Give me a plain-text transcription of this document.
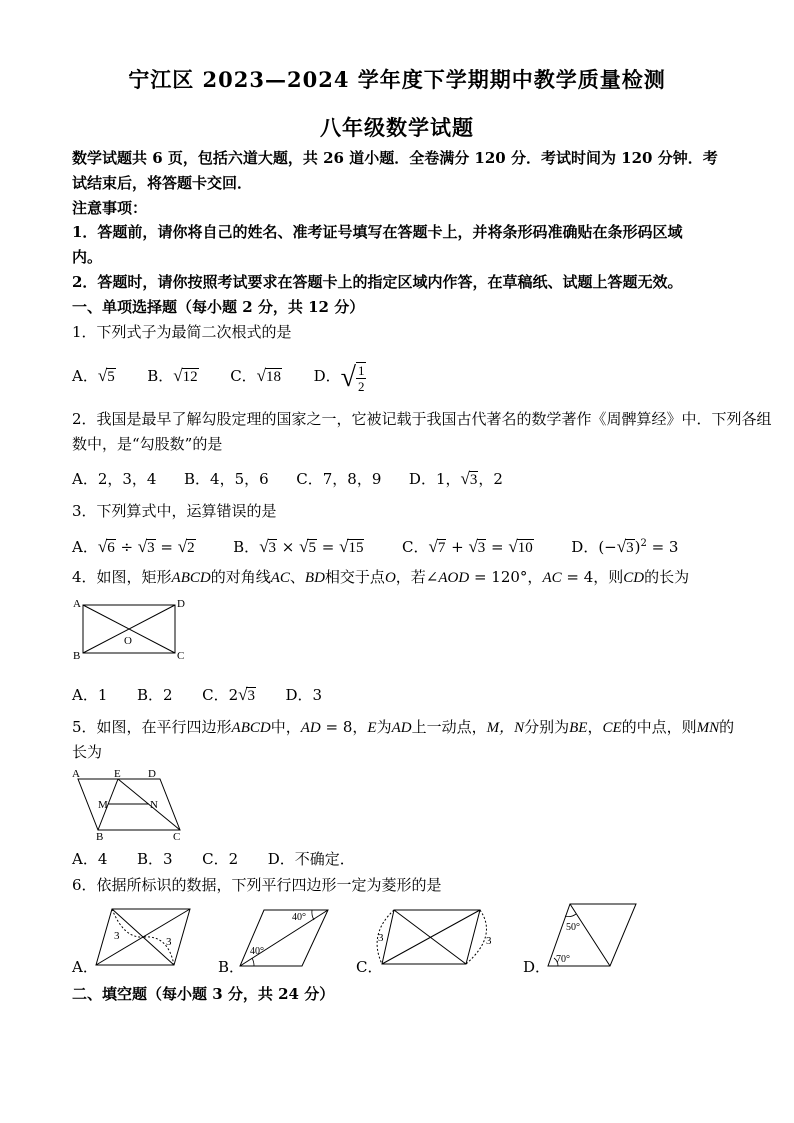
宁江区 2023—2024 学年度下学期期中教学质量检测
八年级数学试题
数学试题共 6 页，包括六道大题，共 26 道小题．全卷满分 120 分．考试时间为 120 分钟．考
试结束后，将答题卡交回．
注意事项：
1．答题前，请你将自己的姓名、准考证号填写在答题卡上，并将条形码准确贴在条形码区域
内。
2．答题时，请你按照考试要求在答题卡上的指定区域内作答，在草稿纸、试题上答题无效。
一、单项选择题（每小题 2 分，共 12 分）
1．下列式子为最简二次根式的是
A．√5 B．√12 C．√18 D．√ $\frac{1}{2}$
2．我国是最早了解勾股定理的国家之一，它被记载于我国古代著名的数学著作《周髀算经》中．下列各组
数中，是“勾股数”的是
A．2，3，4 B．4，5，6 C．7，8，9 D．1，√3，2
3．下列算式中，运算错误的是
A．√6 ÷ √3 = √2	B．√3 × √5 = √15	C．√7 + √3 = √10	D．$(-√3)^2 = 3$
4．如图，矩形ABCD的对角线AC、BD相交于点O，若∠AOD = 120°，AC = 4，则CD的长为
A	D
B	C
O
A．1 B．2 C．2√3 D．3
5．如图，在平行四边形ABCD中，AD = 8，E为AD上一动点，M，N分别为BE，CE的中点，则MN的
长为
A	E D
M	N
B	C
A．4 B．3 C．2 D．不确定．
6．依据所标识的数据，下列平行四边形一定为菱形的是
A．
3	3
B．
40°
40°
C．
3	3
D．
50°
70°
二、填空题（每小题 3 分，共 24 分）
